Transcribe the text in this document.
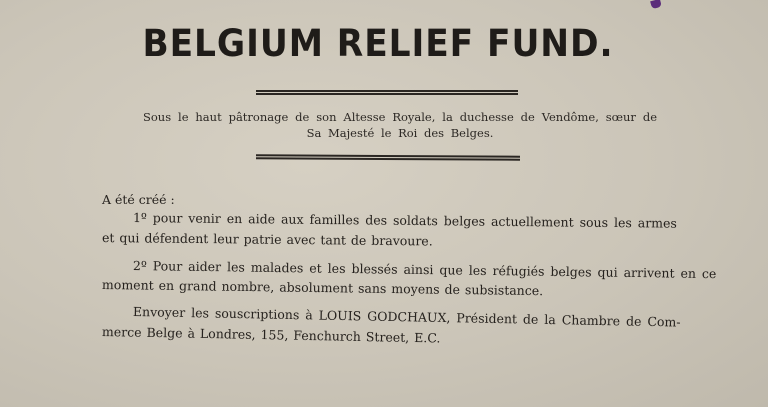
BELGIUM RELIEF FUND.
Sous le haut pâtronage de son Altesse Royale, la duchesse de Vendôme, sœur de Sa Majesté le Roi des Belges.
A été créé :
1º pour venir en aide aux familles des soldats belges actuellement sous les armes
et qui défendent leur patrie avec tant de bravoure.
2º Pour aider les malades et les blessés ainsi que les réfugiés belges qui arrivent en ce
moment en grand nombre, absolument sans moyens de subsistance.
Envoyer les souscriptions à LOUIS GODCHAUX, Président de la Chambre de Com-
merce Belge à Londres, 155, Fenchurch Street, E.C.
